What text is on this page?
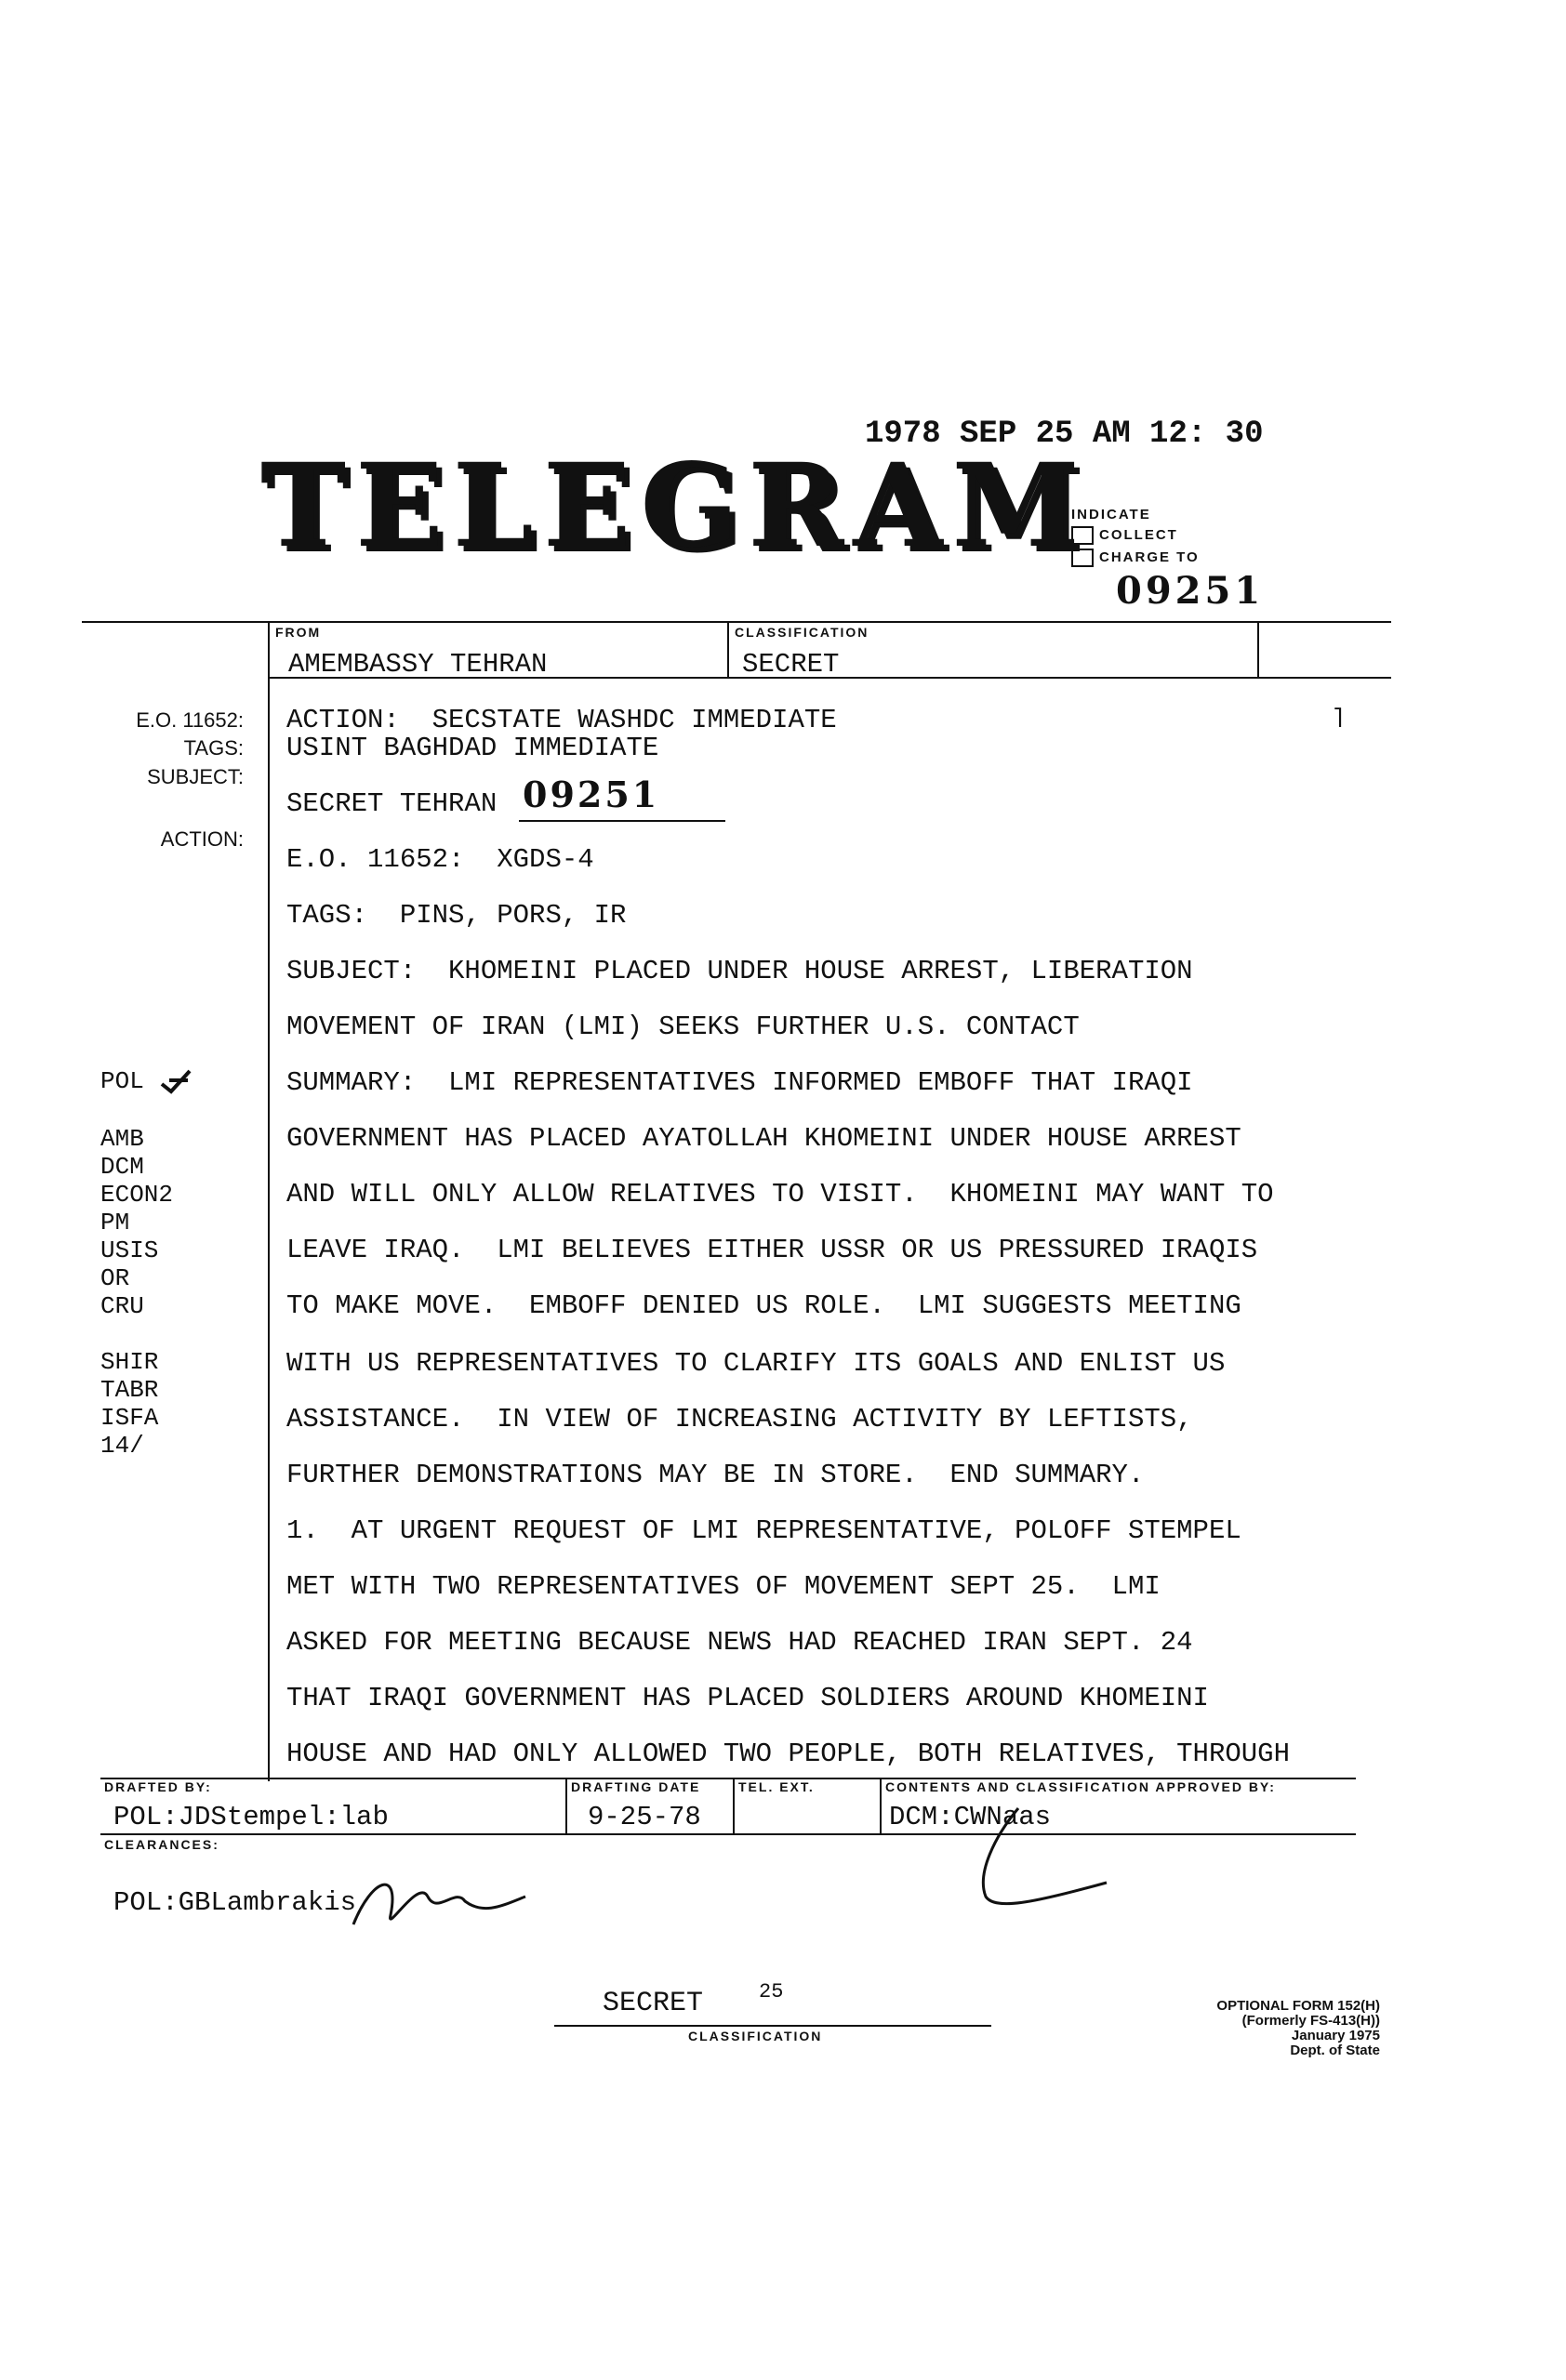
1978 SEP 25 AM 12: 30
TELEGRAM
INDICATE
COLLECT
CHARGE TO
09251
FROM
AMEMBASSY TEHRAN
CLASSIFICATION
SECRET
E.O. 11652:
TAGS:
SUBJECT:
ACTION:
POL
AMB
DCM
ECON2
PM
USIS
OR
CRU
SHIR
TABR
ISFA
14/
ACTION:  SECSTATE WASHDC IMMEDIATE
USINT BAGHDAD IMMEDIATE
˥
SECRET TEHRAN 09251
E.O. 11652:  XGDS-4
TAGS:  PINS, PORS, IR
SUBJECT:  KHOMEINI PLACED UNDER HOUSE ARREST, LIBERATION
MOVEMENT OF IRAN (LMI) SEEKS FURTHER U.S. CONTACT
SUMMARY:  LMI REPRESENTATIVES INFORMED EMBOFF THAT IRAQI
GOVERNMENT HAS PLACED AYATOLLAH KHOMEINI UNDER HOUSE ARREST
AND WILL ONLY ALLOW RELATIVES TO VISIT.  KHOMEINI MAY WANT TO
LEAVE IRAQ.  LMI BELIEVES EITHER USSR OR US PRESSURED IRAQIS
TO MAKE MOVE.  EMBOFF DENIED US ROLE.  LMI SUGGESTS MEETING
WITH US REPRESENTATIVES TO CLARIFY ITS GOALS AND ENLIST US
ASSISTANCE.  IN VIEW OF INCREASING ACTIVITY BY LEFTISTS,
FURTHER DEMONSTRATIONS MAY BE IN STORE.  END SUMMARY.
1.  AT URGENT REQUEST OF LMI REPRESENTATIVE, POLOFF STEMPEL
MET WITH TWO REPRESENTATIVES OF MOVEMENT SEPT 25.  LMI
ASKED FOR MEETING BECAUSE NEWS HAD REACHED IRAN SEPT. 24
THAT IRAQI GOVERNMENT HAS PLACED SOLDIERS AROUND KHOMEINI
HOUSE AND HAD ONLY ALLOWED TWO PEOPLE, BOTH RELATIVES, THROUGH
DRAFTED BY:
POL:JDStempel:lab
DRAFTING DATE
9-25-78
TEL. EXT.	CONTENTS AND CLASSIFICATION APPROVED BY:
DCM:CWNaas
CLEARANCES:
POL:GBLambrakis
SECRET	25
CLASSIFICATION
OPTIONAL FORM 152(H)
(Formerly FS-413(H))
January 1975
Dept. of State
